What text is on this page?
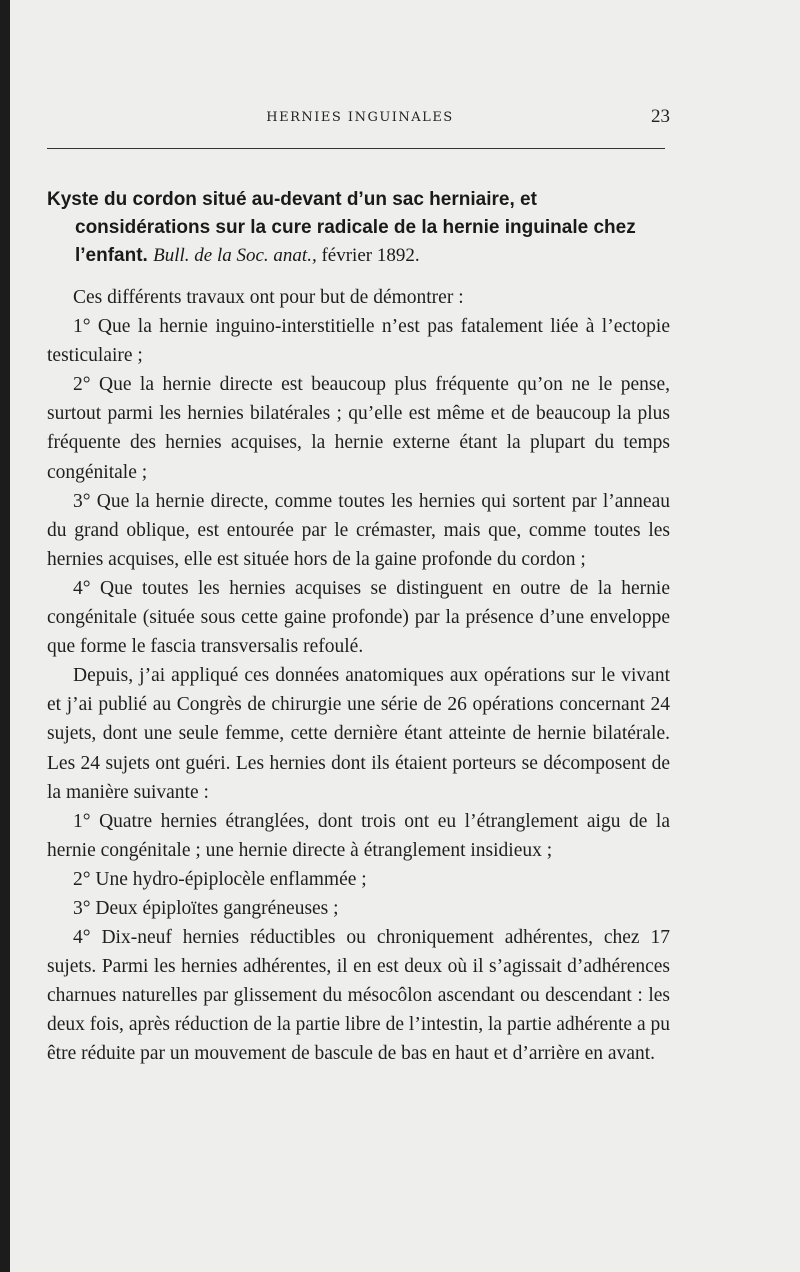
HERNIES INGUINALES	23
Kyste du cordon situé au-devant d’un sac herniaire, et considérations sur la cure radicale de la hernie inguinale chez l’enfant. Bull. de la Soc. anat., février 1892.

Ces différents travaux ont pour but de démontrer :

1° Que la hernie inguino-interstitielle n’est pas fatalement liée à l’ectopie testiculaire ;

2° Que la hernie directe est beaucoup plus fréquente qu’on ne le pense, surtout parmi les hernies bilatérales ; qu’elle est même et de beaucoup la plus fréquente des hernies acquises, la hernie externe étant la plupart du temps congénitale ;

3° Que la hernie directe, comme toutes les hernies qui sortent par l’anneau du grand oblique, est entourée par le crémaster, mais que, comme toutes les hernies acquises, elle est située hors de la gaine profonde du cordon ;

4° Que toutes les hernies acquises se distinguent en outre de la hernie congénitale (située sous cette gaine profonde) par la présence d’une enveloppe que forme le fascia transversalis refoulé.

Depuis, j’ai appliqué ces données anatomiques aux opérations sur le vivant et j’ai publié au Congrès de chirurgie une série de 26 opérations concernant 24 sujets, dont une seule femme, cette dernière étant atteinte de hernie bilatérale. Les 24 sujets ont guéri. Les hernies dont ils étaient porteurs se décomposent de la manière suivante :

1° Quatre hernies étranglées, dont trois ont eu l’étranglement aigu de la hernie congénitale ; une hernie directe à étranglement insidieux ;

2° Une hydro-épiplocèle enflammée ;

3° Deux épiploïtes gangréneuses ;

4° Dix-neuf hernies réductibles ou chroniquement adhérentes, chez 17 sujets. Parmi les hernies adhérentes, il en est deux où il s’agissait d’adhérences charnues naturelles par glissement du mésocôlon ascendant ou descendant : les deux fois, après réduction de la partie libre de l’intestin, la partie adhérente a pu être réduite par un mouvement de bascule de bas en haut et d’arrière en avant.
